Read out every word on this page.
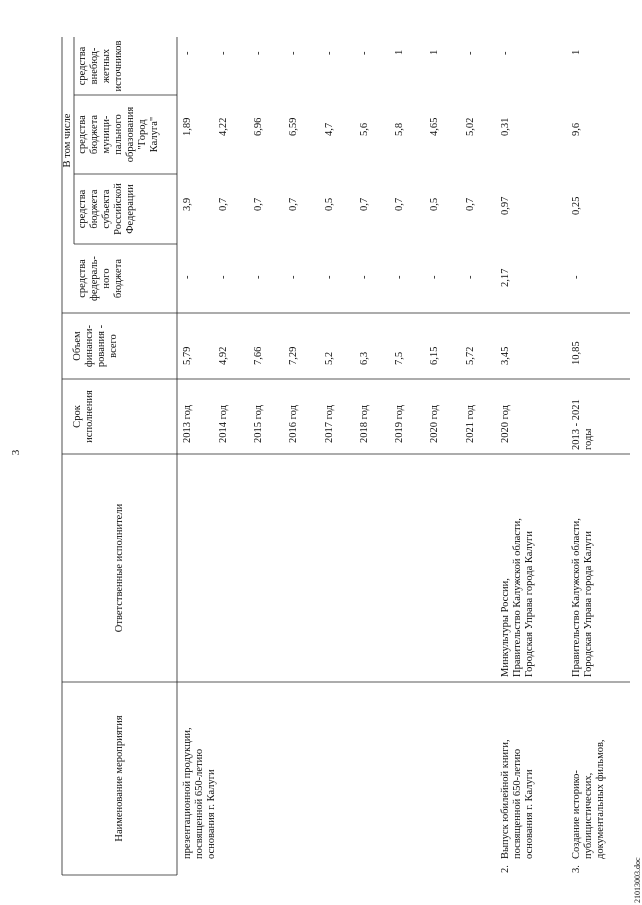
3
Наименование мероприятия
Ответственные исполнители
Срок
исполнения
Объем
финанси-
рования -
всего
В том числе
средства
федераль-
ного
бюджета
средства
бюджета
субъекта
Российской
Федерации
средства
бюджета
муници-
пального
образования
"Город
Калуга"
средства
внебюд-
жетных
источников
презентационной продукции,
посвященной 650-летию
основания г. Калуги
2013 год
5,79
-
3,9
1,89
-
2014 год
4,92
-
0,7
4,22
-
2015 год
7,66
-
0,7
6,96
-
2016 год
7,29
-
0,7
6,59
-
2017 год
5,2
-
0,5
4,7
-
2018 год
6,3
-
0,7
5,6
-
2019 год
7,5
-
0,7
5,8
1
2020 год
6,15
-
0,5
4,65
1
2021 год
5,72
-
0,7
5,02
-
2.
Выпуск юбилейной книги,
посвященной 650-летию
основания г. Калуги
Минкультуры России,
Правительство Калужской области,
Городская Управа города Калуги
2020 год
3,45
2,17
0,97
0,31
-
3.
Создание историко-
публицистических,
документальных фильмов,
Правительство Калужской области,
Городская Управа города Калуги
2013 - 2021
годы
10,85
-
0,25
9,6
1
21013003.doc
